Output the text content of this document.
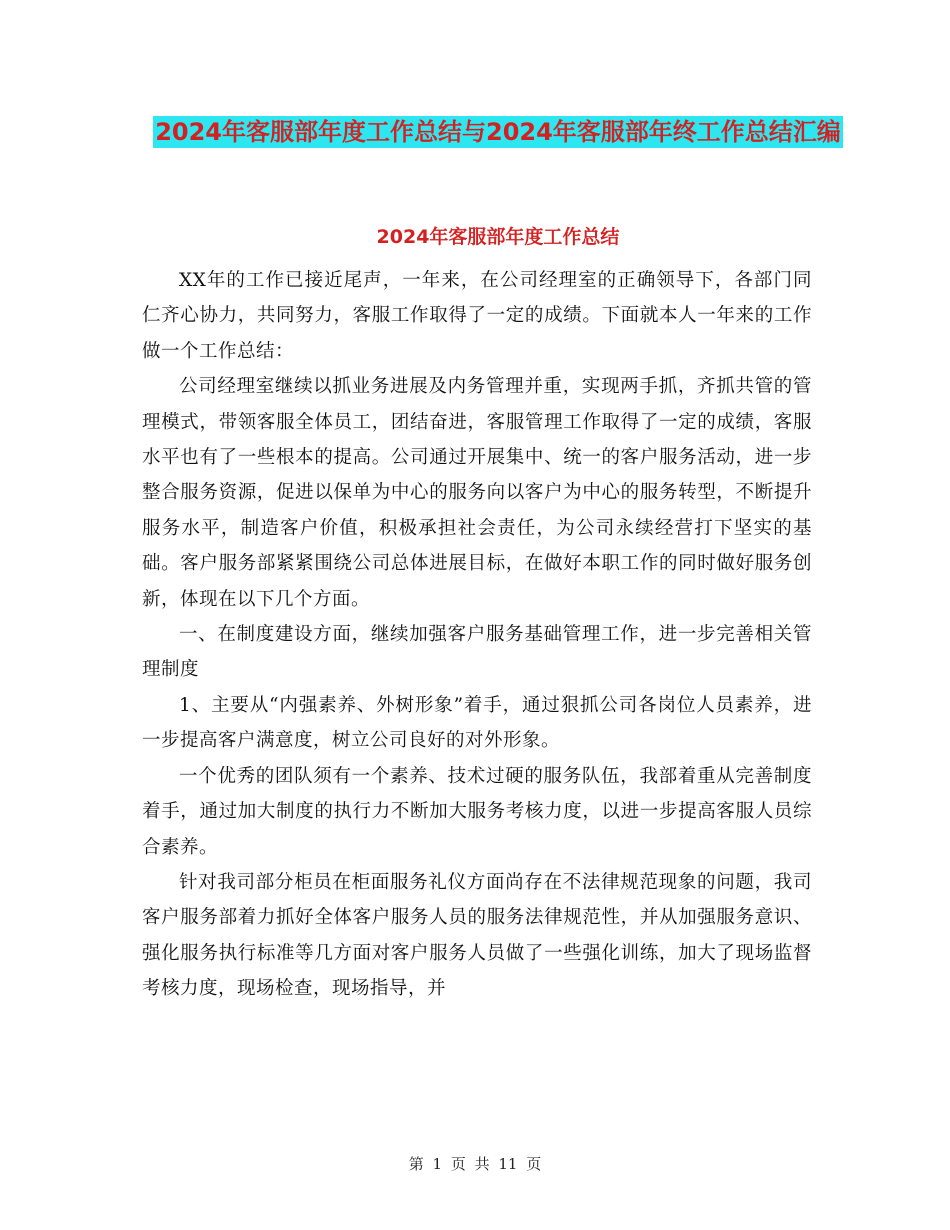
2024年客服部年度工作总结与2024年客服部年终工作总结汇编
2024年客服部年度工作总结

XX年的工作已接近尾声，一年来，在公司经理室的正确领导下，各部门同仁齐心协力，共同努力，客服工作取得了一定的成绩。下面就本人一年来的工作做一个工作总结：

公司经理室继续以抓业务进展及内务管理并重，实现两手抓，齐抓共管的管理模式，带领客服全体员工，团结奋进，客服管理工作取得了一定的成绩，客服水平也有了一些根本的提高。公司通过开展集中、统一的客户服务活动，进一步整合服务资源，促进以保单为中心的服务向以客户为中心的服务转型，不断提升服务水平，制造客户价值，积极承担社会责任，为公司永续经营打下坚实的基础。客户服务部紧紧围绕公司总体进展目标，在做好本职工作的同时做好服务创新，体现在以下几个方面。

一、在制度建设方面，继续加强客户服务基础管理工作，进一步完善相关管理制度

1、主要从“内强素养、外树形象”着手，通过狠抓公司各岗位人员素养，进一步提高客户满意度，树立公司良好的对外形象。

一个优秀的团队须有一个素养、技术过硬的服务队伍，我部着重从完善制度着手，通过加大制度的执行力不断加大服务考核力度，以进一步提高客服人员综合素养。

针对我司部分柜员在柜面服务礼仪方面尚存在不法律规范现象的问题，我司客户服务部着力抓好全体客户服务人员的服务法律规范性，并从加强服务意识、强化服务执行标准等几方面对客户服务人员做了一些强化训练，加大了现场监督考核力度，现场检查，现场指导，并

第 1 页 共 11 页
